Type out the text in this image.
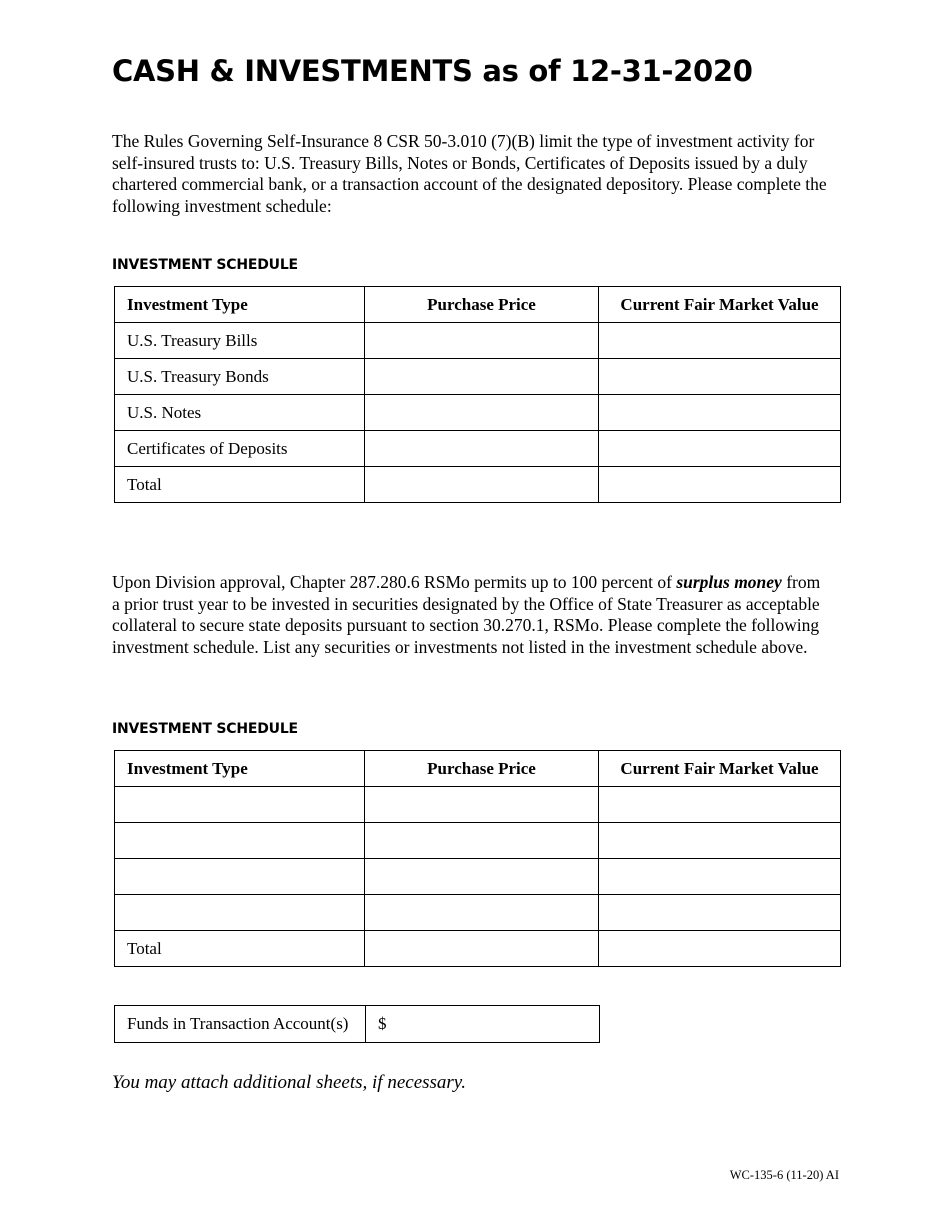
CASH & INVESTMENTS as of 12-31-2020

The Rules Governing Self-Insurance 8 CSR 50-3.010 (7)(B) limit the type of investment activity for self-insured trusts to: U.S. Treasury Bills, Notes or Bonds, Certificates of Deposits issued by a duly chartered commercial bank, or a transaction account of the designated depository. Please complete the following investment schedule:

INVESTMENT SCHEDULE

Investment Type	Purchase Price	Current Fair Market Value
U.S. Treasury Bills		
U.S. Treasury Bonds		
U.S. Notes		
Certificates of Deposits		
Total		

Upon Division approval, Chapter 287.280.6 RSMo permits up to 100 percent of surplus money from a prior trust year to be invested in securities designated by the Office of State Treasurer as acceptable collateral to secure state deposits pursuant to section 30.270.1, RSMo. Please complete the following investment schedule. List any securities or investments not listed in the investment schedule above.

INVESTMENT SCHEDULE

Investment Type	Purchase Price	Current Fair Market Value

Total		
Funds in Transaction Account(s)	$

You may attach additional sheets, if necessary.

WC-135-6 (11-20) AI
